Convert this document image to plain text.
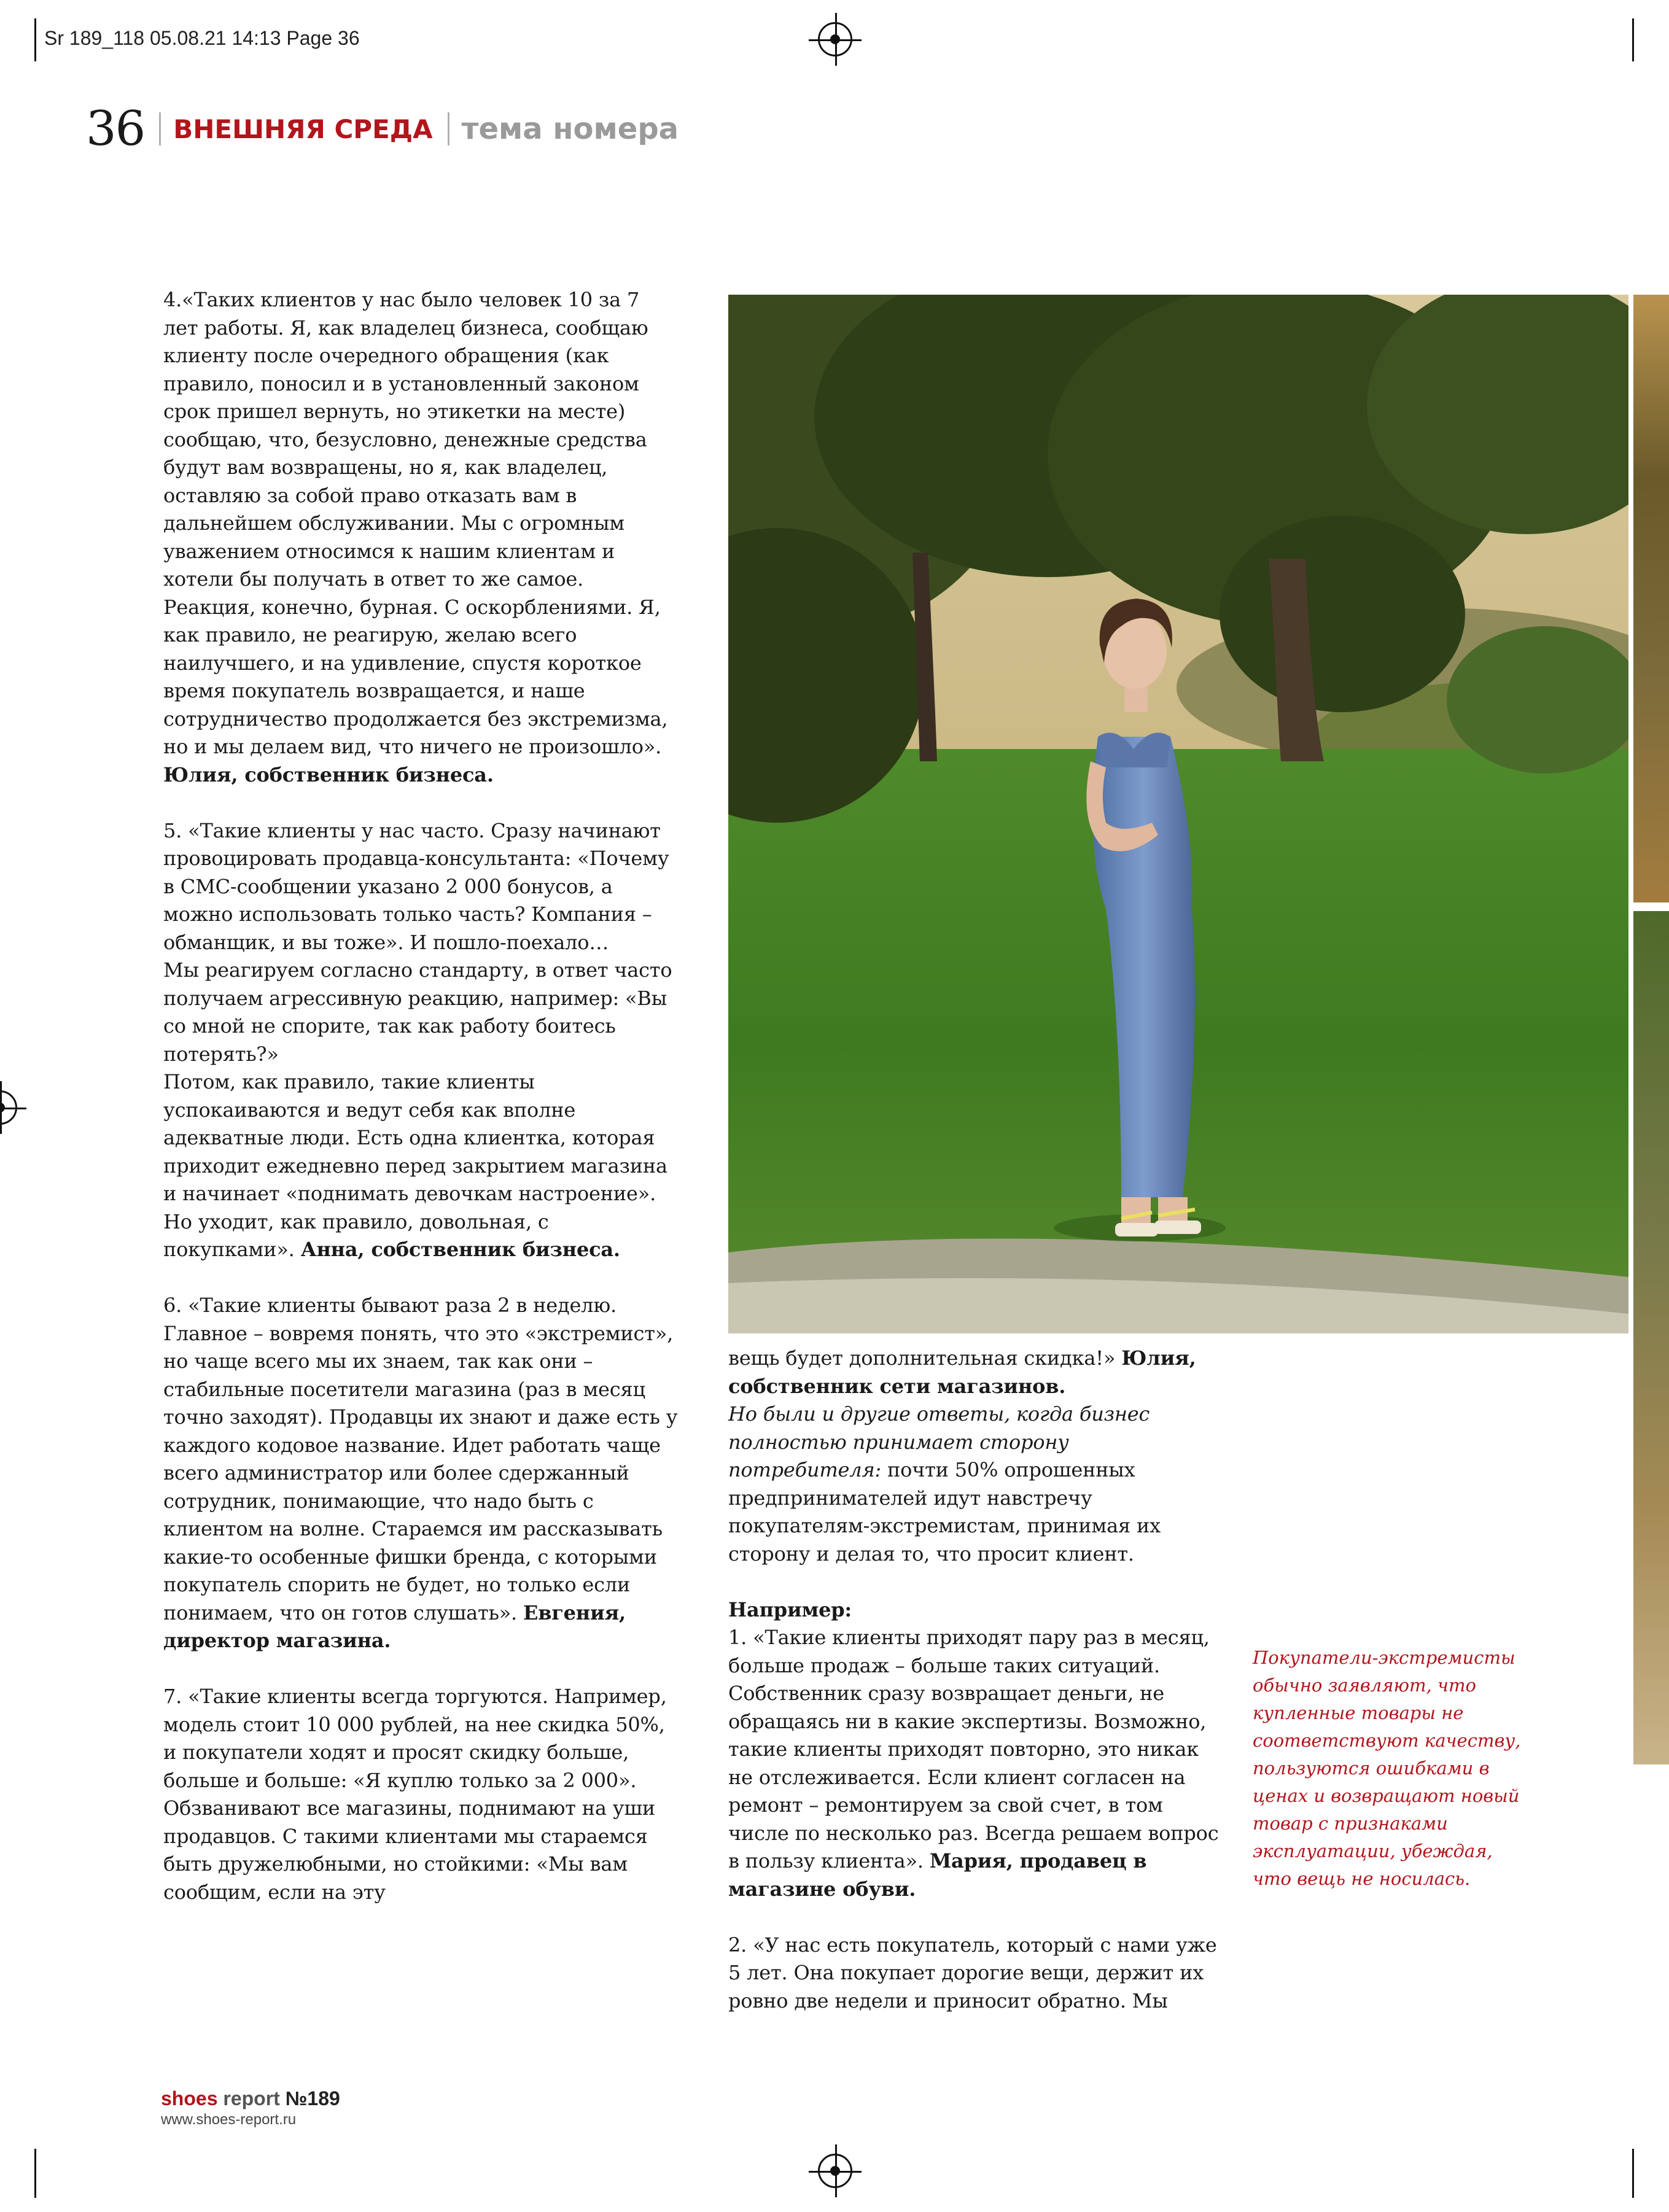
Sr 189_118 05.08.21 14:13 Page 36
36 ВНЕШНЯЯ СРЕДА тема номера

4.«Таких клиентов у нас было человек 10 за 7 лет работы. Я, как владелец бизнеса, сообщаю клиенту после очередного обращения (как правило, поносил и в установленный законом срок пришел вернуть, но этикетки на месте) сообщаю, что, безусловно, денежные средства будут вам возвращены, но я, как владелец, оставляю за собой право отказать вам в дальнейшем обслуживании. Мы с огромным уважением относимся к нашим клиентам и хотели бы получать в ответ то же самое.

Реакция, конечно, бурная. С оскорблениями. Я, как правило, не реагирую, желаю всего наилучшего, и на удивление, спустя короткое время покупатель возвращается, и наше сотрудничество продолжается без экстремизма, но и мы делаем вид, что ничего не произошло». Юлия, собственник бизнеса.

5. «Такие клиенты у нас часто. Сразу начинают провоцировать продавца-консультанта: «Почему в СМС-сообщении указано 2 000 бонусов, а можно использовать только часть? Компания – обманщик, и вы тоже». И пошло-поехало…

Мы реагируем согласно стандарту, в ответ часто получаем агрессивную реакцию, например: «Вы со мной не спорите, так как работу боитесь потерять?»

Потом, как правило, такие клиенты успокаиваются и ведут себя как вполне адекватные люди. Есть одна клиентка, которая приходит ежедневно перед закрытием магазина и начинает «поднимать девочкам настроение». Но уходит, как правило, довольная, с покупками». Анна, собственник бизнеса.

6. «Такие клиенты бывают раза 2 в неделю. Главное – вовремя понять, что это «экстремист», но чаще всего мы их знаем, так как они –стабильные посетители магазина (раз в месяц точно заходят). Продавцы их знают и даже есть у каждого кодовое название. Идет работать чаще всего администратор или более сдержанный сотрудник, понимающие, что надо быть с клиентом на волне. Стараемся им рассказывать какие-то особенные фишки бренда, с которыми покупатель спорить не будет, но только если понимаем, что он готов слушать». Евгения, директор магазина.

7. «Такие клиенты всегда торгуются. Например, модель стоит 10 000 рублей, на нее скидка 50%, и покупатели ходят и просят скидку больше, больше и больше: «Я куплю только за 2 000». Обзванивают все магазины, поднимают на уши продавцов. С такими клиентами мы стараемся быть дружелюбными, но стойкими: «Мы вам сообщим, если на эту

вещь будет дополнительная скидка!» Юлия, собственник сети магазинов.

Но были и другие ответы, когда бизнес полностью принимает сторону потребителя: почти 50% опрошенных предпринимателей идут навстречу покупателям-экстремистам, принимая их сторону и делая то, что просит клиент.

Например:

1. «Такие клиенты приходят пару раз в месяц, больше продаж – больше таких ситуаций. Собственник сразу возвращает деньги, не обращаясь ни в какие экспертизы. Возможно, такие клиенты приходят повторно, это никак не отслеживается. Если клиент согласен на ремонт – ремонтируем за свой счет, в том числе по несколько раз. Всегда решаем вопрос в пользу клиента». Мария, продавец в магазине обуви.

2. «У нас есть покупатель, который с нами уже 5 лет. Она покупает дорогие вещи, держит их ровно две недели и приносит обратно. Мы

Покупатели-экстремисты обычно заявляют, что купленные товары не соответствуют качеству, пользуются ошибками в ценах и возвращают новый товар с признаками эксплуатации, убеждая, что вещь не носилась.
shoes report №189
www.shoes-report.ru
